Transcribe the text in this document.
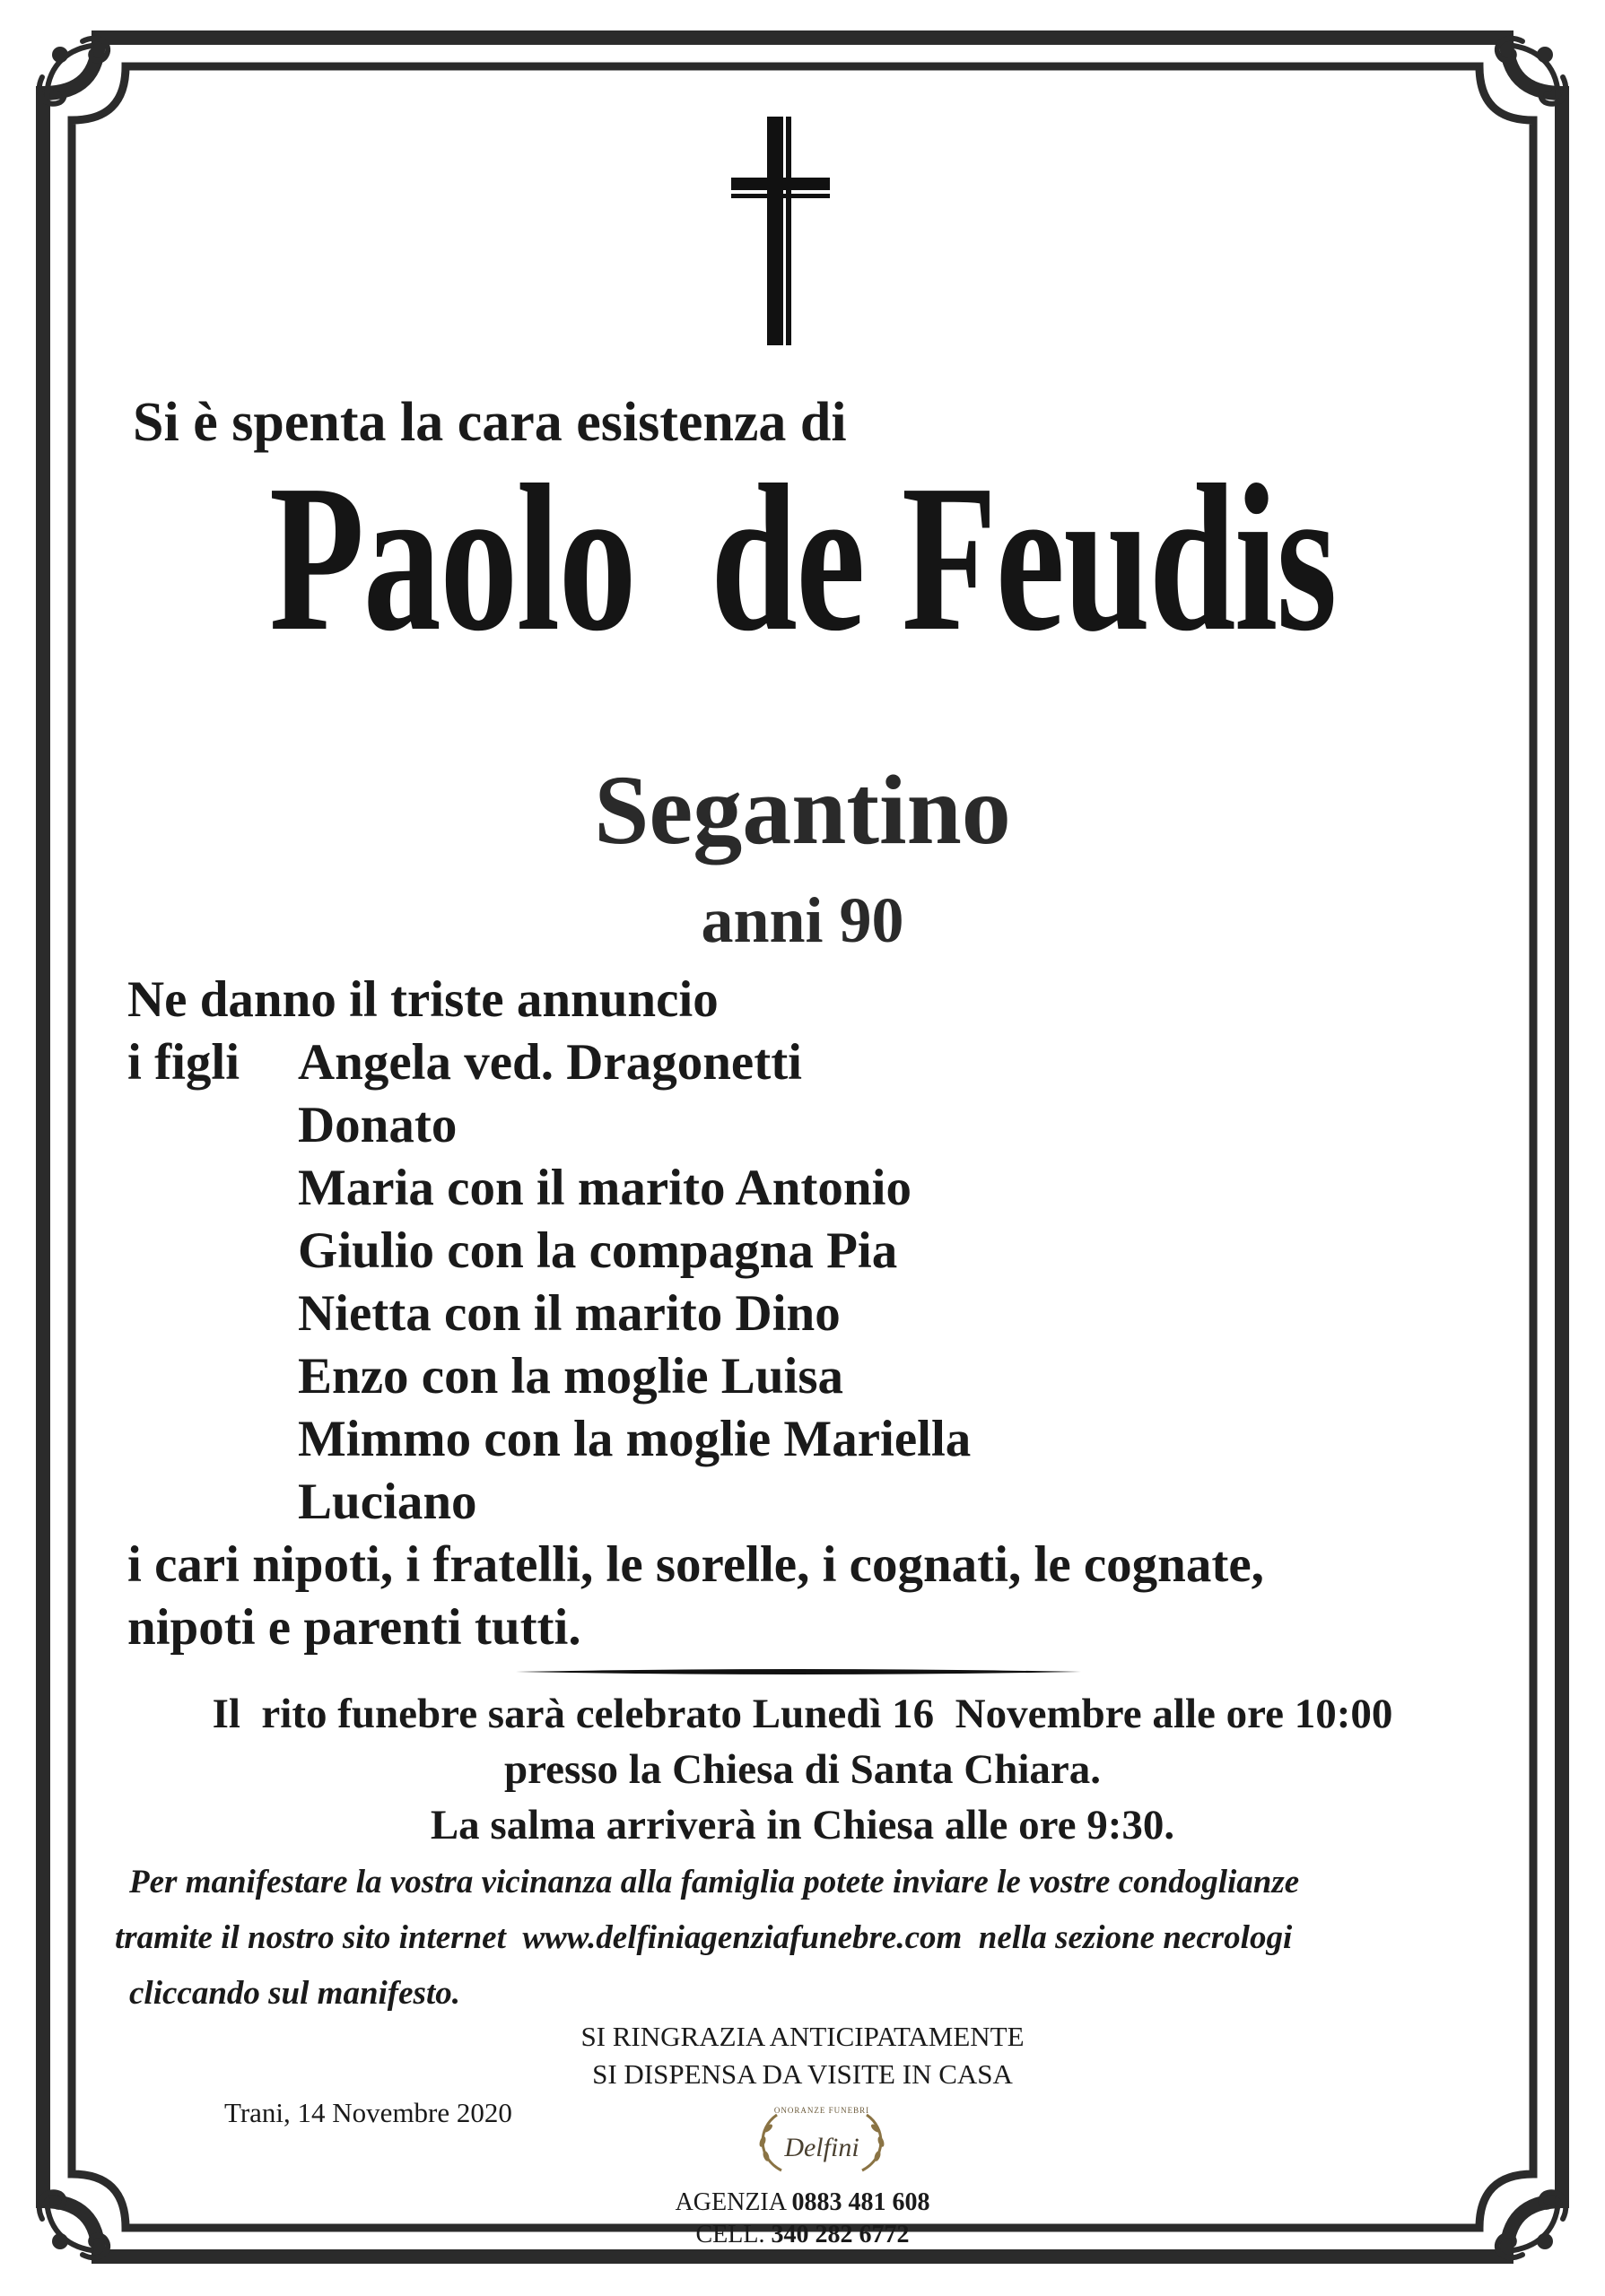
Si è spenta la cara esistenza di
Paolo  de Feudis
Segantino
anni 90
Ne danno il triste annuncio
i figli Angela ved. Dragonetti
Donato
Maria con il marito Antonio
Giulio con la compagna Pia
Nietta con il marito Dino
Enzo con la moglie Luisa
Mimmo con la moglie Mariella
Luciano
i cari nipoti, i fratelli, le sorelle, i cognati, le cognate,
nipoti e parenti tutti.
Il  rito funebre sarà celebrato Lunedì 16  Novembre alle ore 10:00
presso la Chiesa di Santa Chiara.
La salma arriverà in Chiesa alle ore 9:30.
Per manifestare la vostra vicinanza alla famiglia potete inviare le vostre condoglianze
tramite il nostro sito internet  www.delfiniagenziafunebre.com  nella sezione necrologi
cliccando sul manifesto.
SI RINGRAZIA ANTICIPATAMENTE
SI DISPENSA DA VISITE IN CASA
Trani, 14 Novembre 2020	ONORANZE FUNEBRI
Delfini
AGENZIA 0883 481 608
CELL. 340 282 6772
